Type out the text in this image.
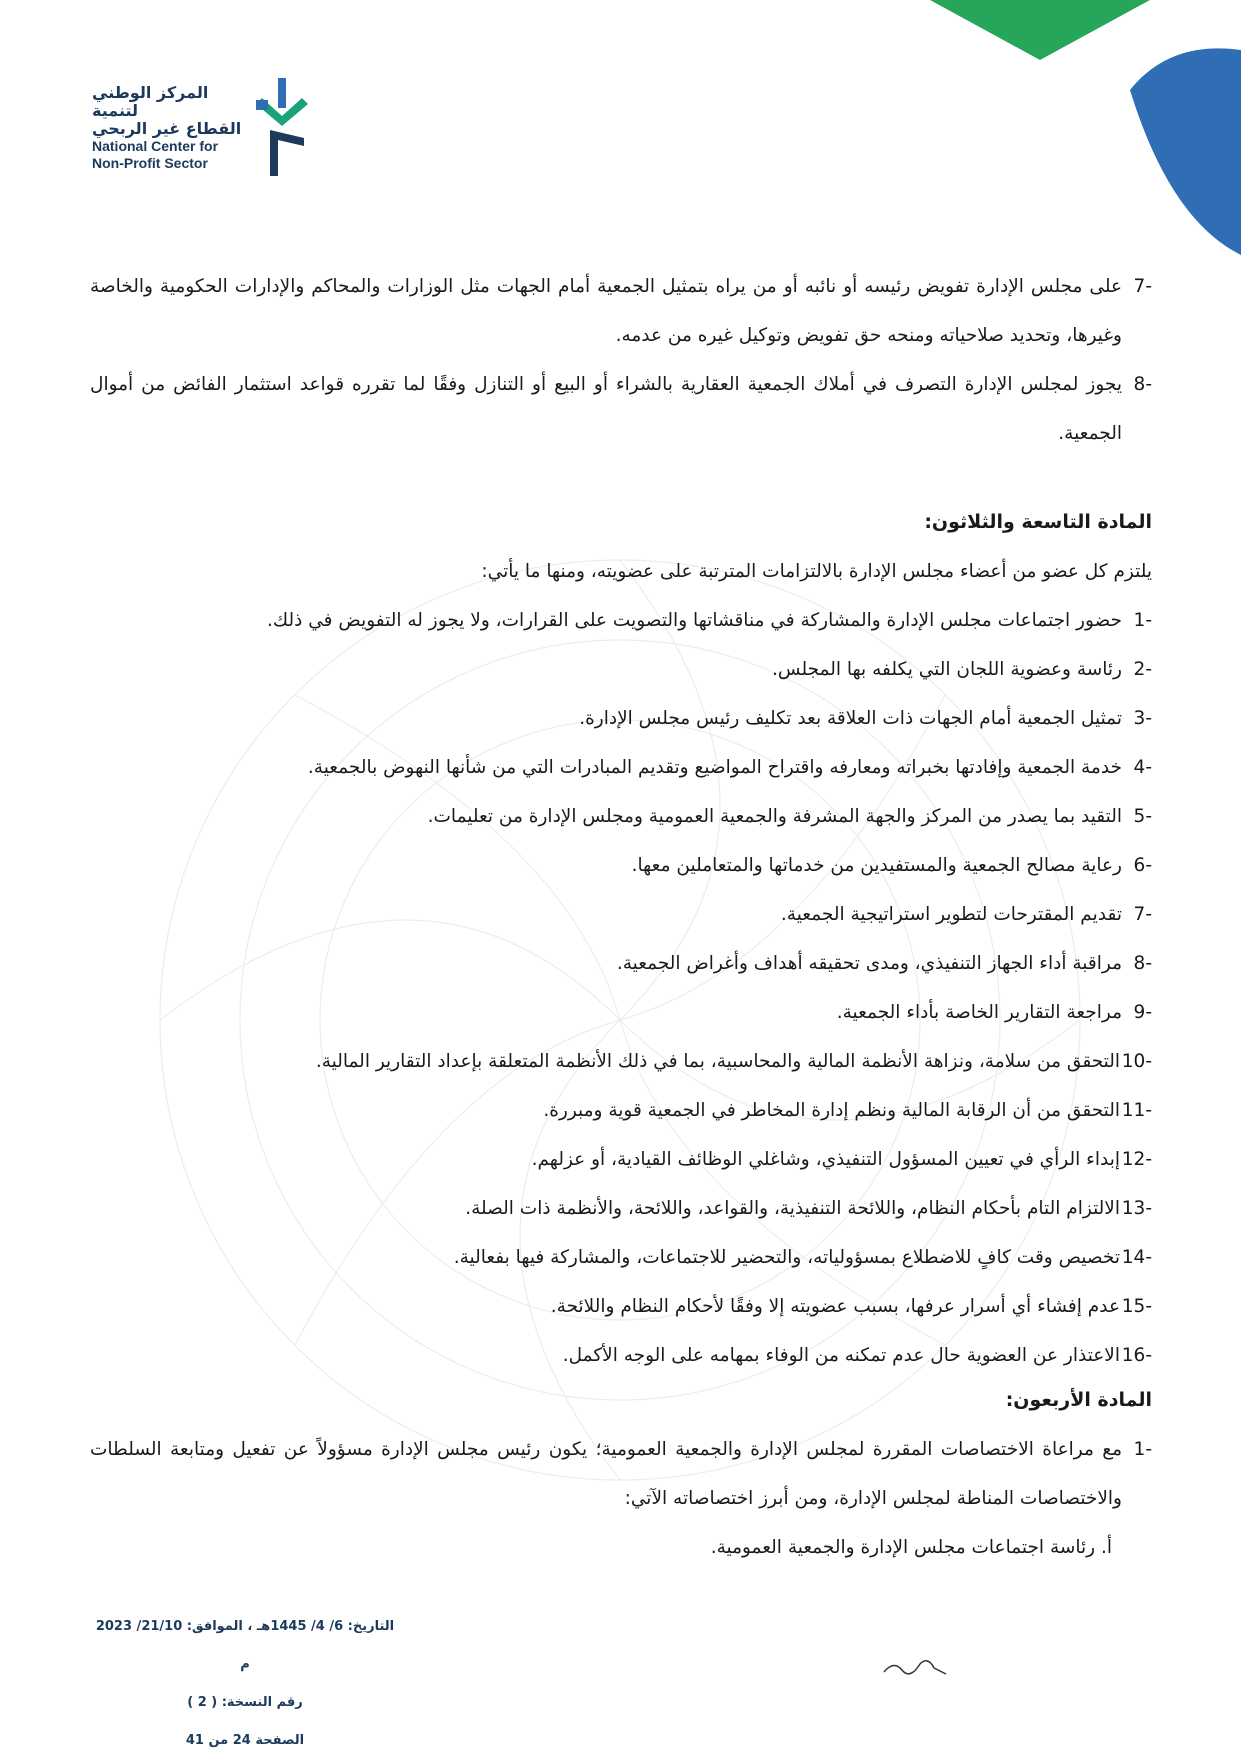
المركز الوطني لتنمية
القطاع غير الربحي
National Center for
Non-Profit Sector
7-
على مجلس الإدارة تفويض رئيسه أو نائبه أو من يراه بتمثيل الجمعية أمام الجهات مثل الوزارات والمحاكم والإدارات الحكومية والخاصة وغيرها، وتحديد صلاحياته ومنحه حق تفويض وتوكيل غيره من عدمه.
8-
يجوز لمجلس الإدارة التصرف في أملاك الجمعية العقارية بالشراء أو البيع أو التنازل وفقًا لما تقرره قواعد استثمار الفائض من أموال الجمعية.
المادة التاسعة والثلاثون:
يلتزم كل عضو من أعضاء مجلس الإدارة بالالتزامات المترتبة على عضويته، ومنها ما يأتي:
1-
حضور اجتماعات مجلس الإدارة والمشاركة في مناقشاتها والتصويت على القرارات، ولا يجوز له التفويض في ذلك.
2-
رئاسة وعضوية اللجان التي يكلفه بها المجلس.
3-
تمثيل الجمعية أمام الجهات ذات العلاقة بعد تكليف رئيس مجلس الإدارة.
4-
خدمة الجمعية وإفادتها بخبراته ومعارفه واقتراح المواضيع وتقديم المبادرات التي من شأنها النهوض بالجمعية.
5-
التقيد بما يصدر من المركز والجهة المشرفة والجمعية العمومية ومجلس الإدارة من تعليمات.
6-
رعاية مصالح الجمعية والمستفيدين من خدماتها والمتعاملين معها.
7-
تقديم المقترحات لتطوير استراتيجية الجمعية.
8-
مراقبة أداء الجهاز التنفيذي، ومدى تحقيقه أهداف وأغراض الجمعية.
9-
مراجعة التقارير الخاصة بأداء الجمعية.
10-
التحقق من سلامة، ونزاهة الأنظمة المالية والمحاسبية، بما في ذلك الأنظمة المتعلقة بإعداد التقارير المالية.
11-
التحقق من أن الرقابة المالية ونظم إدارة المخاطر في الجمعية قوية ومبررة.
12-
إبداء الرأي في تعيين المسؤول التنفيذي، وشاغلي الوظائف القيادية، أو عزلهم.
13-
الالتزام التام بأحكام النظام، واللائحة التنفيذية، والقواعد، واللائحة، والأنظمة ذات الصلة.
14-
تخصيص وقت كافٍ للاضطلاع بمسؤولياته، والتحضير للاجتماعات، والمشاركة فيها بفعالية.
15-
عدم إفشاء أي أسرار عرفها، بسبب عضويته إلا وفقًا لأحكام النظام واللائحة.
16-
الاعتذار عن العضوية حال عدم تمكنه من الوفاء بمهامه على الوجه الأكمل.
المادة الأربعون:
1-
مع مراعاة الاختصاصات المقررة لمجلس الإدارة والجمعية العمومية؛ يكون رئيس مجلس الإدارة مسؤولاً عن تفعيل ومتابعة السلطات والاختصاصات المناطة لمجلس الإدارة، ومن أبرز اختصاصاته الآتي:
أ. رئاسة اجتماعات مجلس الإدارة والجمعية العمومية.
التاريخ: 6/ 4/ 1445هـ ، الموافق: 21/10/ 2023 م
رقم النسخة: ( 2 )
الصفحة 24 من 41
